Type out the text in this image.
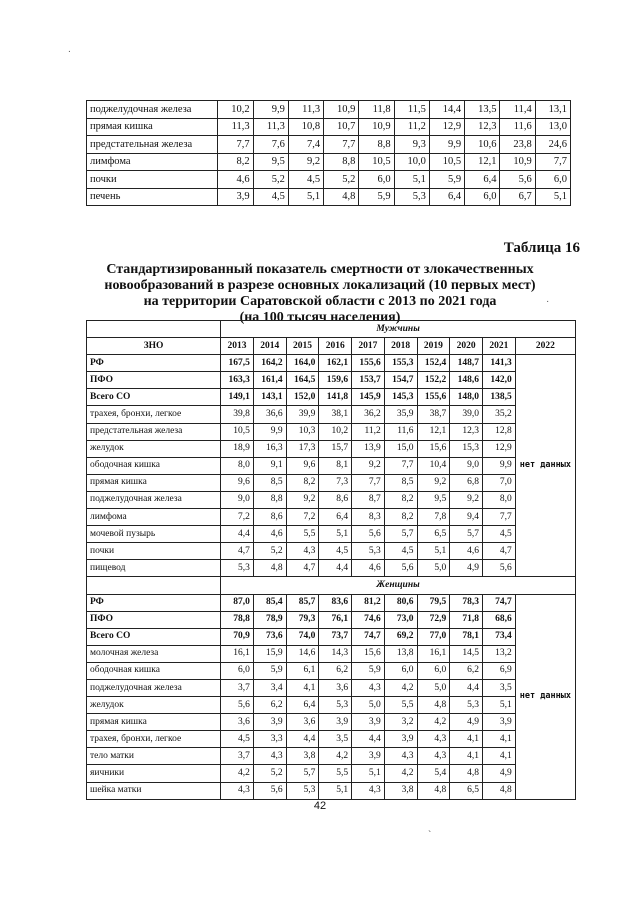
поджелудочная железа	10,2	9,9	11,3	10,9	11,8	11,5	14,4	13,5	11,4	13,1
прямая кишка	11,3	11,3	10,8	10,7	10,9	11,2	12,9	12,3	11,6	13,0
предстательная железа	7,7	7,6	7,4	7,7	8,8	9,3	9,9	10,6	23,8	24,6
лимфома	8,2	9,5	9,2	8,8	10,5	10,0	10,5	12,1	10,9	7,7
почки	4,6	5,2	4,5	5,2	6,0	5,1	5,9	6,4	5,6	6,0
печень	3,9	4,5	5,1	4,8	5,9	5,3	6,4	6,0	6,7	5,1
Таблица 16
Стандартизированный показатель смертности от злокачественных
новообразований в разрезе основных локализаций (10 первых мест)
на территории Саратовской области с 2013 по 2021 года
(на 100 тысяч населения)
	Мужчины									
ЗНО	2013	2014	2015	2016	2017	2018	2019	2020	2021	2022
РФ	167,5	164,2	164,0	162,1	155,6	155,3	152,4	148,7	141,3	нет данных
ПФО	163,3	161,4	164,5	159,6	153,7	154,7	152,2	148,6	142,0	
Всего СО	149,1	143,1	152,0	141,8	145,9	145,3	155,6	148,0	138,5	
трахея, бронхи, легкое	39,8	36,6	39,9	38,1	36,2	35,9	38,7	39,0	35,2	
предстательная железа	10,5	9,9	10,3	10,2	11,2	11,6	12,1	12,3	12,8	
желудок	18,9	16,3	17,3	15,7	13,9	15,0	15,6	15,3	12,9	
ободочная кишка	8,0	9,1	9,6	8,1	9,2	7,7	10,4	9,0	9,9	
прямая кишка	9,6	8,5	8,2	7,3	7,7	8,5	9,2	6,8	7,0	
поджелудочная железа	9,0	8,8	9,2	8,6	8,7	8,2	9,5	9,2	8,0	
лимфома	7,2	8,6	7,2	6,4	8,3	8,2	7,8	9,4	7,7	
мочевой пузырь	4,4	4,6	5,5	5,1	5,6	5,7	6,5	5,7	4,5	
почки	4,7	5,2	4,3	4,5	5,3	4,5	5,1	4,6	4,7	
пищевод	5,3	4,8	4,7	4,4	4,6	5,6	5,0	4,9	5,6	
	Женщины									
РФ	87,0	85,4	85,7	83,6	81,2	80,6	79,5	78,3	74,7	нет данных
ПФО	78,8	78,9	79,3	76,1	74,6	73,0	72,9	71,8	68,6	
Всего СО	70,9	73,6	74,0	73,7	74,7	69,2	77,0	78,1	73,4	
молочная железа	16,1	15,9	14,6	14,3	15,6	13,8	16,1	14,5	13,2	
ободочная кишка	6,0	5,9	6,1	6,2	5,9	6,0	6,0	6,2	6,9	
поджелудочная железа	3,7	3,4	4,1	3,6	4,3	4,2	5,0	4,4	3,5	
желудок	5,6	6,2	6,4	5,3	5,0	5,5	4,8	5,3	5,1	
прямая кишка	3,6	3,9	3,6	3,9	3,9	3,2	4,2	4,9	3,9	
трахея, бронхи, легкое	4,5	3,3	4,4	3,5	4,4	3,9	4,3	4,1	4,1	
тело матки	3,7	4,3	3,8	4,2	3,9	4,3	4,3	4,1	4,1	
яичники	4,2	5,2	5,7	5,5	5,1	4,2	5,4	4,8	4,9	
шейка матки	4,3	5,6	5,3	5,1	4,3	3,8	4,8	6,5	4,8	
42
.
·
`
